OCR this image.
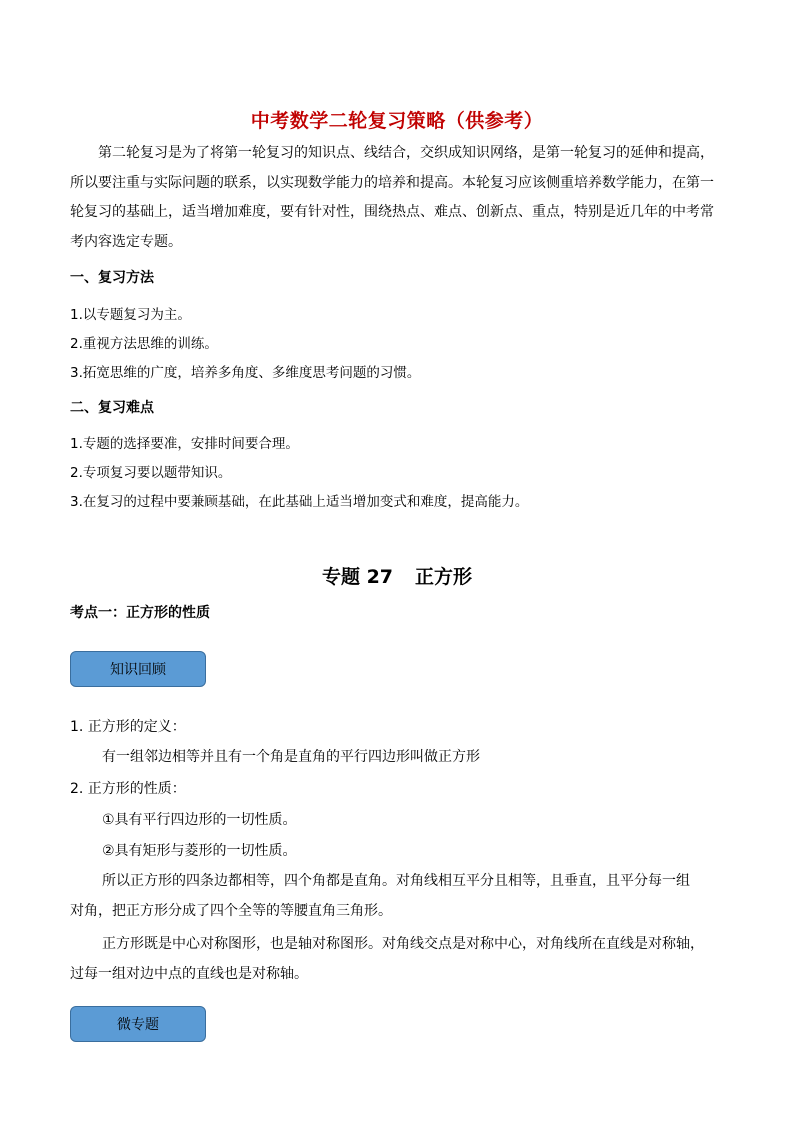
中考数学二轮复习策略（供参考）

第二轮复习是为了将第一轮复习的知识点、线结合，交织成知识网络，是第一轮复习的延伸和提高，

所以要注重与实际问题的联系，以实现数学能力的培养和提高。本轮复习应该侧重培养数学能力，在第一

轮复习的基础上，适当增加难度，要有针对性，围绕热点、难点、创新点、重点，特别是近几年的中考常

考内容选定专题。

一、复习方法
1.以专题复习为主。
2.重视方法思维的训练。
3.拓宽思维的广度，培养多角度、多维度思考问题的习惯。
二、复习难点
1.专题的选择要准，安排时间要合理。
2.专项复习要以题带知识。
3.在复习的过程中要兼顾基础，在此基础上适当增加变式和难度，提高能力。
专题 27 正方形
考点一：正方形的性质
知识回顾
1. 正方形的定义：
有一组邻边相等并且有一个角是直角的平行四边形叫做正方形
2. 正方形的性质：
①具有平行四边形的一切性质。
②具有矩形与菱形的一切性质。

所以正方形的四条边都相等，四个角都是直角。对角线相互平分且相等，且垂直，且平分每一组

对角，把正方形分成了四个全等的等腰直角三角形。

正方形既是中心对称图形，也是轴对称图形。对角线交点是对称中心，对角线所在直线是对称轴，

过每一组对边中点的直线也是对称轴。

微专题
